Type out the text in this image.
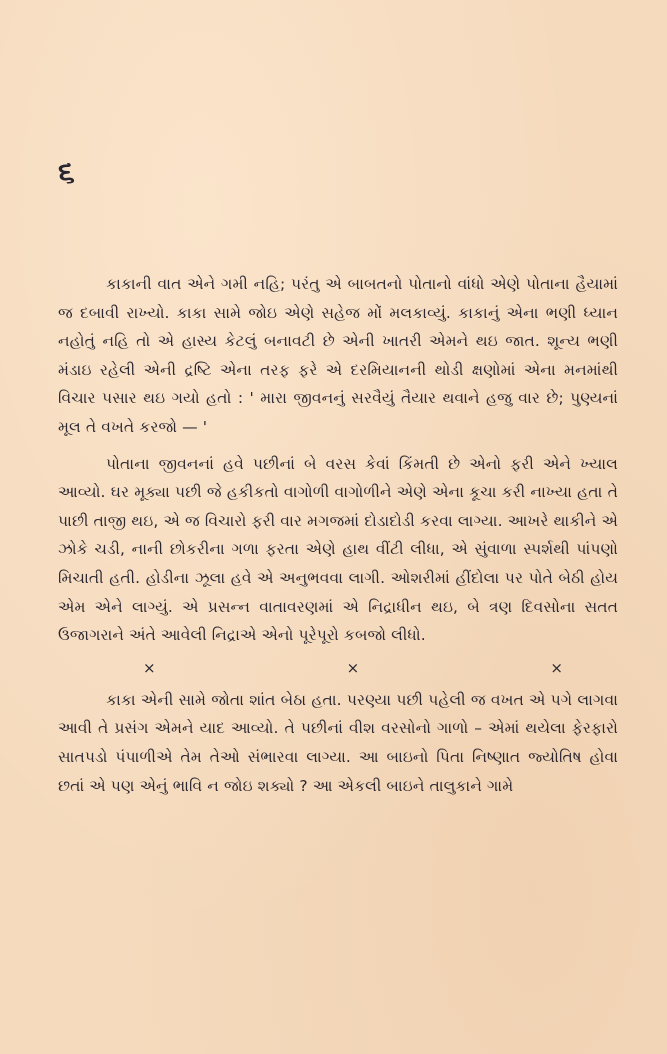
૬

કાકાની વાત એને ગમી નહિ; પરંતુ એ બાબતનો પોતાનો વાંધો એણે પોતાના હૈયામાં જ દબાવી રાખ્યો. કાકા સામે જોઇ એણે સહેજ મોં મલકાવ્યું. કાકાનું એના ભણી ધ્યાન નહોતું નહિ તો એ હાસ્ય કેટલું બનાવટી છે એની ખાતરી એમને થઇ જાત. શૂન્ય ભણી મંડાઇ રહેલી એની દ્રષ્ટિ એના તરફ ફરે એ દરમિયાનની થોડી ક્ષણોમાં એના મનમાંથી વિચાર પસાર થઇ ગયો હતો : ' મારા જીવનનું સરવૈયું તૈયાર થવાને હજુ વાર છે; પુણ્યનાં મૂલ તે વખતે કરજો — '

પોતાના જીવનનાં હવે પછીનાં બે વરસ કેવાં કિંમતી છે એનો ફરી એને ખ્યાલ આવ્યો. ઘર મૂક્યા પછી જે હકીકતો વાગોળી વાગોળીને એણે એના કૂચા કરી નાખ્યા હતા તે પાછી તાજી થઇ, એ જ વિચારો ફરી વાર મગજમાં દોડાદોડી કરવા લાગ્યા. આખરે થાકીને એ ઝોકે ચડી, નાની છોકરીના ગળા ફરતા એણે હાથ વીંટી લીધા, એ સુંવાળા સ્પર્શથી પાંપણો મિચાતી હતી. હોડીના ઝૂલા હવે એ અનુભવવા લાગી. ઓશરીમાં હીંદોલા પર પોતે બેઠી હોય એમ એને લાગ્યું. એ પ્રસન્ન વાતાવરણમાં એ નિદ્રાધીન થઇ, બે ત્રણ દિવસોના સતત ઉજાગરાને અંતે આવેલી નિદ્રાએ એનો પૂરેપૂરો કબજો લીધો.

×	×	×

કાકા એની સામે જોતા શાંત બેઠા હતા. પરણ્યા પછી પહેલી જ વખત એ પગે લાગવા આવી તે પ્રસંગ એમને યાદ આવ્યો. તે પછીનાં વીશ વરસોનો ગાળો – એમાં થયેલા ફેરફારો સાતપડો પંપાળીએ તેમ તેઓ સંભારવા લાગ્યા. આ બાઇનો પિતા નિષ્ણાત જ્યોતિષ હોવા છતાં એ પણ એનું ભાવિ ન જોઇ શક્યો ? આ એકલી બાઇને તાલુકાને ગામે
